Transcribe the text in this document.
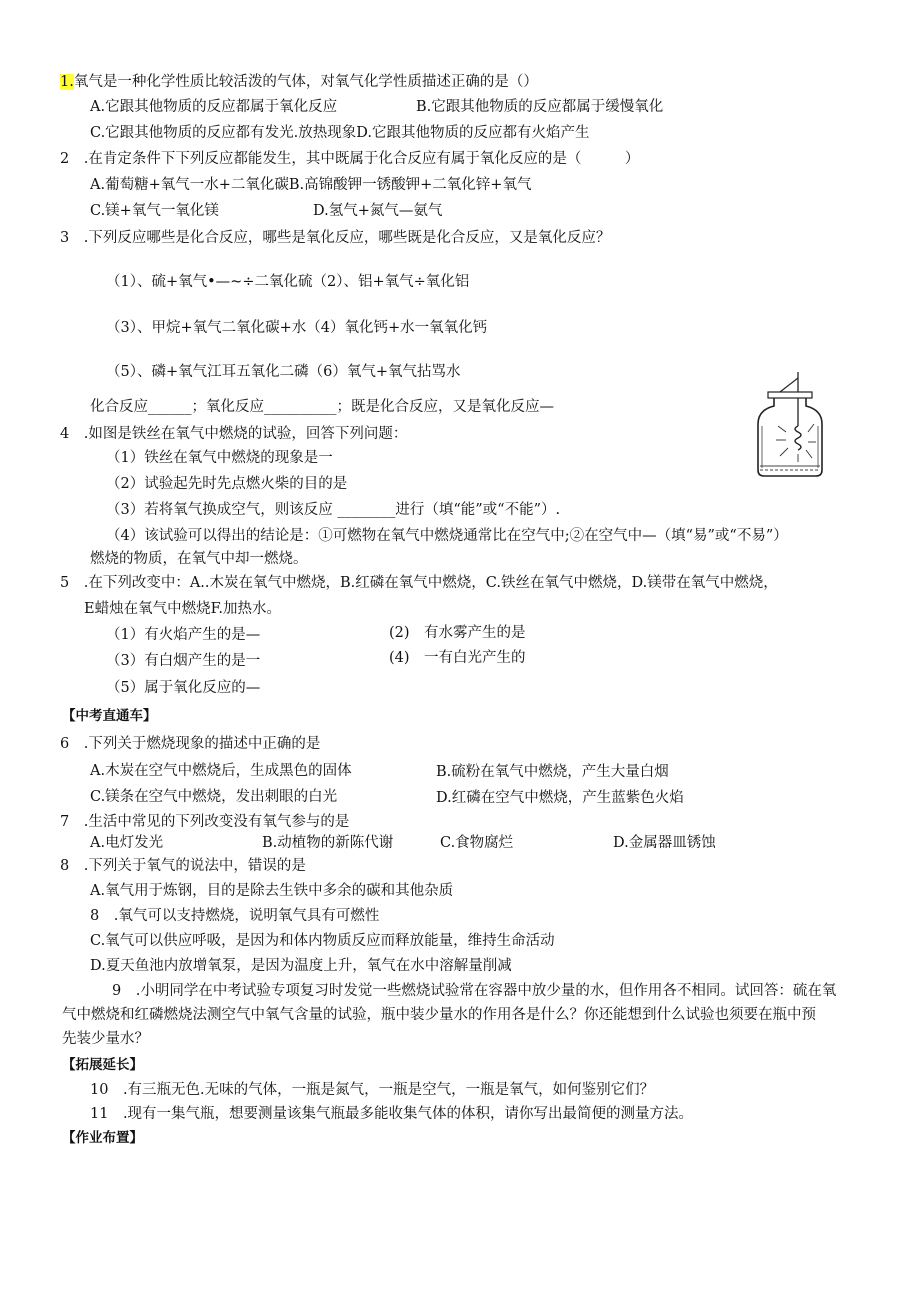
1.氧气是一种化学性质比较活泼的气体，对氧气化学性质描述正确的是（）
A.它跟其他物质的反应都属于氧化反应	B.它跟其他物质的反应都属于缓慢氧化
C.它跟其他物质的反应都有发光.放热现象D.它跟其他物质的反应都有火焰产生
2　.在肯定条件下下列反应都能发生，其中既属于化合反应有属于氧化反应的是（　　　）
A.葡萄糖+氧气一水+二氧化碳B.高锦酸钾一锈酸钾+二氧化锌+氧气
C.镁+氧气一氧化镁	D.氢气+氮气—氨气
3　.下列反应哪些是化合反应，哪些是氧化反应，哪些既是化合反应，又是氧化反应？
（1）、硫+氧气•—~÷二氧化硫（2）、铝+氧气÷氧化铝
（3）、甲烷+氧气二氧化碳+水（4）氧化钙+水一氧氧化钙
（5）、磷+氧气江耳五氧化二磷（6）氧气+氧气拈骂水
化合反应______；氧化反应__________；既是化合反应，又是氧化反应—
4　.如图是铁丝在氧气中燃烧的试验，回答下列问题：
（1）铁丝在氧气中燃烧的现象是一
（2）试验起先时先点燃火柴的目的是
（3）若将氧气换成空气，则该反应 ________进行（填“能”或“不能”）.
（4）该试验可以得出的结论是：①可燃物在氧气中燃烧通常比在空气中;②在空气中—（填“易”或“不易”）
燃烧的物质，在氧气中却一燃烧。
5　.在下列改变中：A..木炭在氧气中燃烧，B.红磷在氧气中燃烧，C.铁丝在氧气中燃烧，D.镁带在氧气中燃烧，
E蜡烛在氧气中燃烧F.加热水。
（1）有火焰产生的是—	(2)　有水雾产生的是
（3）有白烟产生的是一	(4)　一有白光产生的
（5）属于氧化反应的—
【中考直通车】
6　.下列关于燃烧现象的描述中正确的是
A.木炭在空气中燃烧后，生成黑色的固体	B.硫粉在氧气中燃烧，产生大量白烟
C.镁条在空气中燃烧，发出刺眼的白光	D.红磷在空气中燃烧，产生蓝紫色火焰
7　.生活中常见的下列改变没有氧气参与的是
A.电灯发光	B.动植物的新陈代谢	C.食物腐烂	D.金属器皿锈蚀
8　.下列关于氧气的说法中，错误的是
A.氧气用于炼钢，目的是除去生铁中多余的碳和其他杂质
8　.氧气可以支持燃烧，说明氧气具有可燃性
C.氧气可以供应呼吸，是因为和体内物质反应而释放能量，维持生命活动
D.夏天鱼池内放增氧泵，是因为温度上升，氧气在水中溶解量削减
9　.小明同学在中考试验专项复习时发觉一些燃烧试验常在容器中放少量的水，但作用各不相同。试回答：硫在氧
气中燃烧和红磷燃烧法测空气中氧气含量的试验，瓶中装少量水的作用各是什么？你还能想到什么试验也须要在瓶中预
先装少量水？
【拓展延长】
10　.有三瓶无色.无味的气体，一瓶是氮气，一瓶是空气，一瓶是氧气，如何鉴别它们？
11　.现有一集气瓶，想要测量该集气瓶最多能收集气体的体积，请你写出最简便的测量方法。
【作业布置】
